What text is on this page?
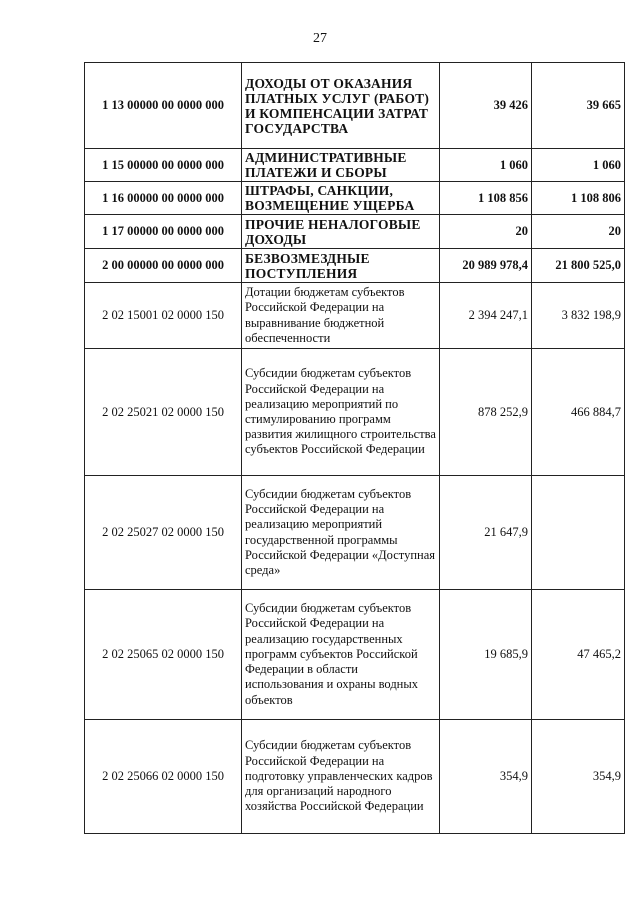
27
1 13 00000 00 0000 000	ДОХОДЫ ОТ ОКАЗАНИЯ ПЛАТНЫХ УСЛУГ (РАБОТ) И КОМПЕНСАЦИИ ЗАТРАТ ГОСУДАРСТВА	39 426	39 665
1 15 00000 00 0000 000	АДМИНИСТРАТИВНЫЕ ПЛАТЕЖИ И СБОРЫ	1 060	1 060
1 16 00000 00 0000 000	ШТРАФЫ, САНКЦИИ, ВОЗМЕЩЕНИЕ УЩЕРБА	1 108 856	1 108 806
1 17 00000 00 0000 000	ПРОЧИЕ НЕНАЛОГОВЫЕ ДОХОДЫ	20	20
2 00 00000 00 0000 000	БЕЗВОЗМЕЗДНЫЕ ПОСТУПЛЕНИЯ	20 989 978,4	21 800 525,0
2 02 15001 02 0000 150	Дотации бюджетам субъектов Российской Федерации на выравнивание бюджетной обеспеченности	2 394 247,1	3 832 198,9
2 02 25021 02 0000 150	Субсидии бюджетам субъектов Российской Федерации на реализацию мероприятий по стимулированию программ развития жилищного строительства субъектов Российской Федерации	878 252,9	466 884,7
2 02 25027 02 0000 150	Субсидии бюджетам субъектов Российской Федерации на реализацию мероприятий государственной программы Российской Федерации «Доступная среда»	21 647,9	
2 02 25065 02 0000 150	Субсидии бюджетам субъектов Российской Федерации на реализацию государственных программ субъектов Российской Федерации в области использования и охраны водных объектов	19 685,9	47 465,2
2 02 25066 02 0000 150	Субсидии бюджетам субъектов Российской Федерации на подготовку управленческих кадров для организаций народного хозяйства Российской Федерации	354,9	354,9
